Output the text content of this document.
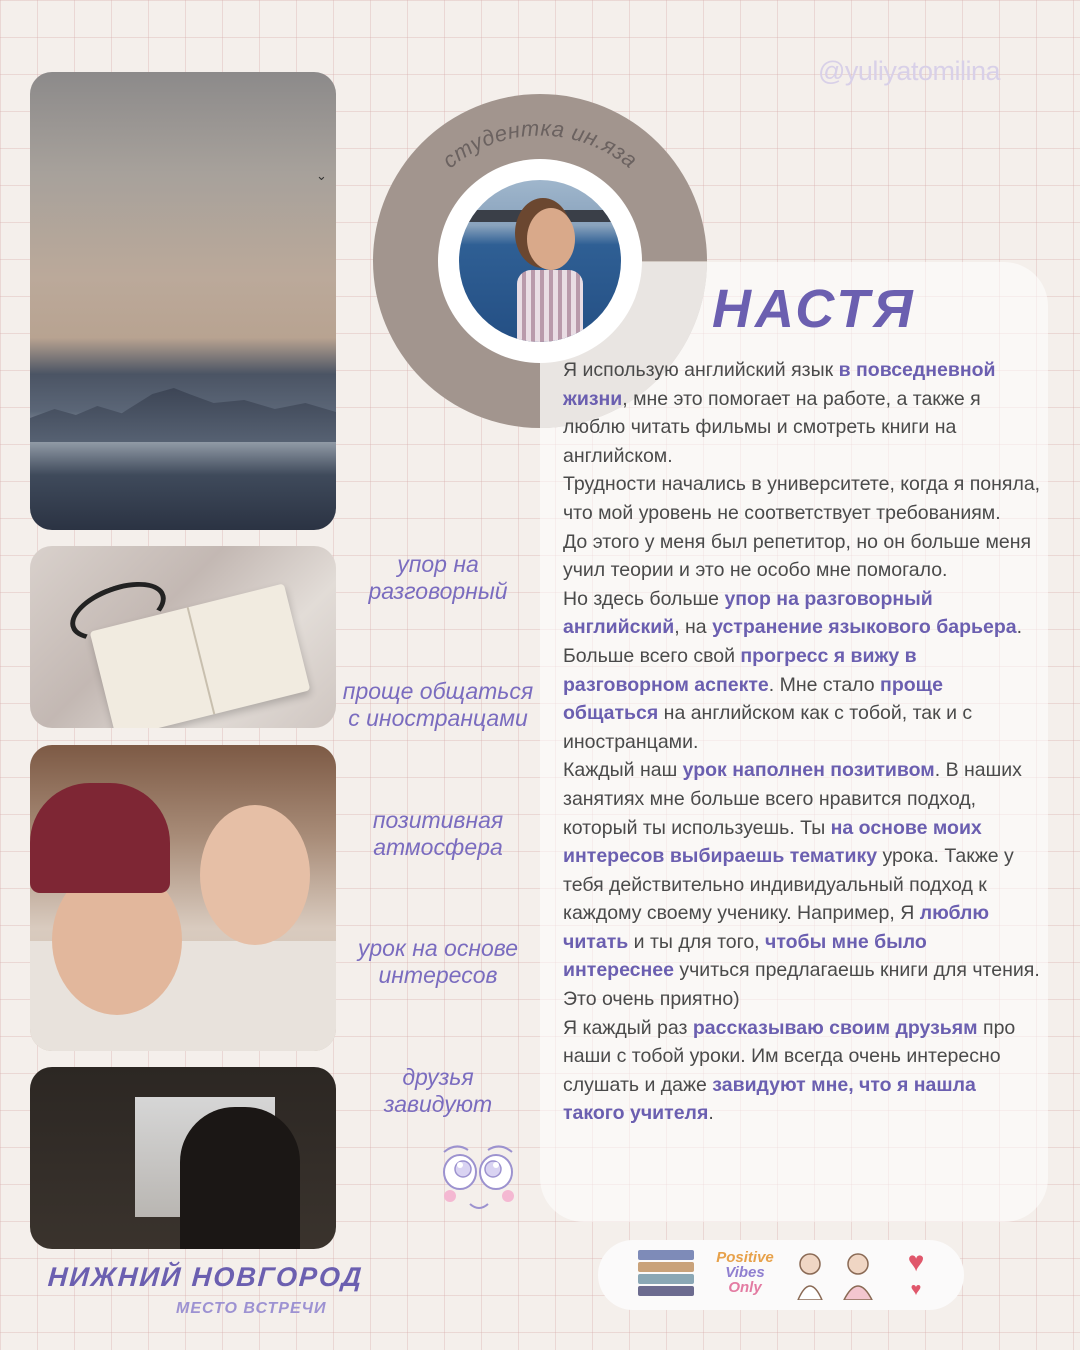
@yuliyatomilina
⌄
упор на
разговорный
проще общаться
с иностранцами
позитивная
атмосфера
урок на основе
интересов
друзья
завидуют
НИЖНИЙ НОВГОРОД
МЕСТО ВСТРЕЧИ
студентка ин.яза
НАСТЯ

Я использую английский язык в повседневной жизни, мне это помогает на работе, а также я люблю читать фильмы и смотреть книги на английском.

Трудности начались в университете, когда я поняла, что мой уровень не соответствует требованиям.

До этого у меня был репетитор, но он больше меня учил теории и это не особо мне помогало.

Но здесь больше упор на разговорный английский, на устранение языкового барьера.

Больше всего свой прогресс я вижу в разговорном аспекте. Мне стало проще общаться на английском как с тобой, так и с иностранцами.

Каждый наш урок наполнен позитивом. В наших занятиях мне больше всего нравится подход, который ты используешь. Ты на основе моих интересов выбираешь тематику урока. Также у тебя действительно индивидуальный подход к каждому своему ученику. Например, Я люблю читать и ты для того, чтобы мне было интереснее учиться предлагаешь книги для чтения. Это очень приятно)

Я каждый раз рассказываю своим друзьям про наши с тобой уроки. Им всегда очень интересно слушать и даже завидуют мне, что я нашла такого учителя.

Positive
Vibes
Only
♥
♥
